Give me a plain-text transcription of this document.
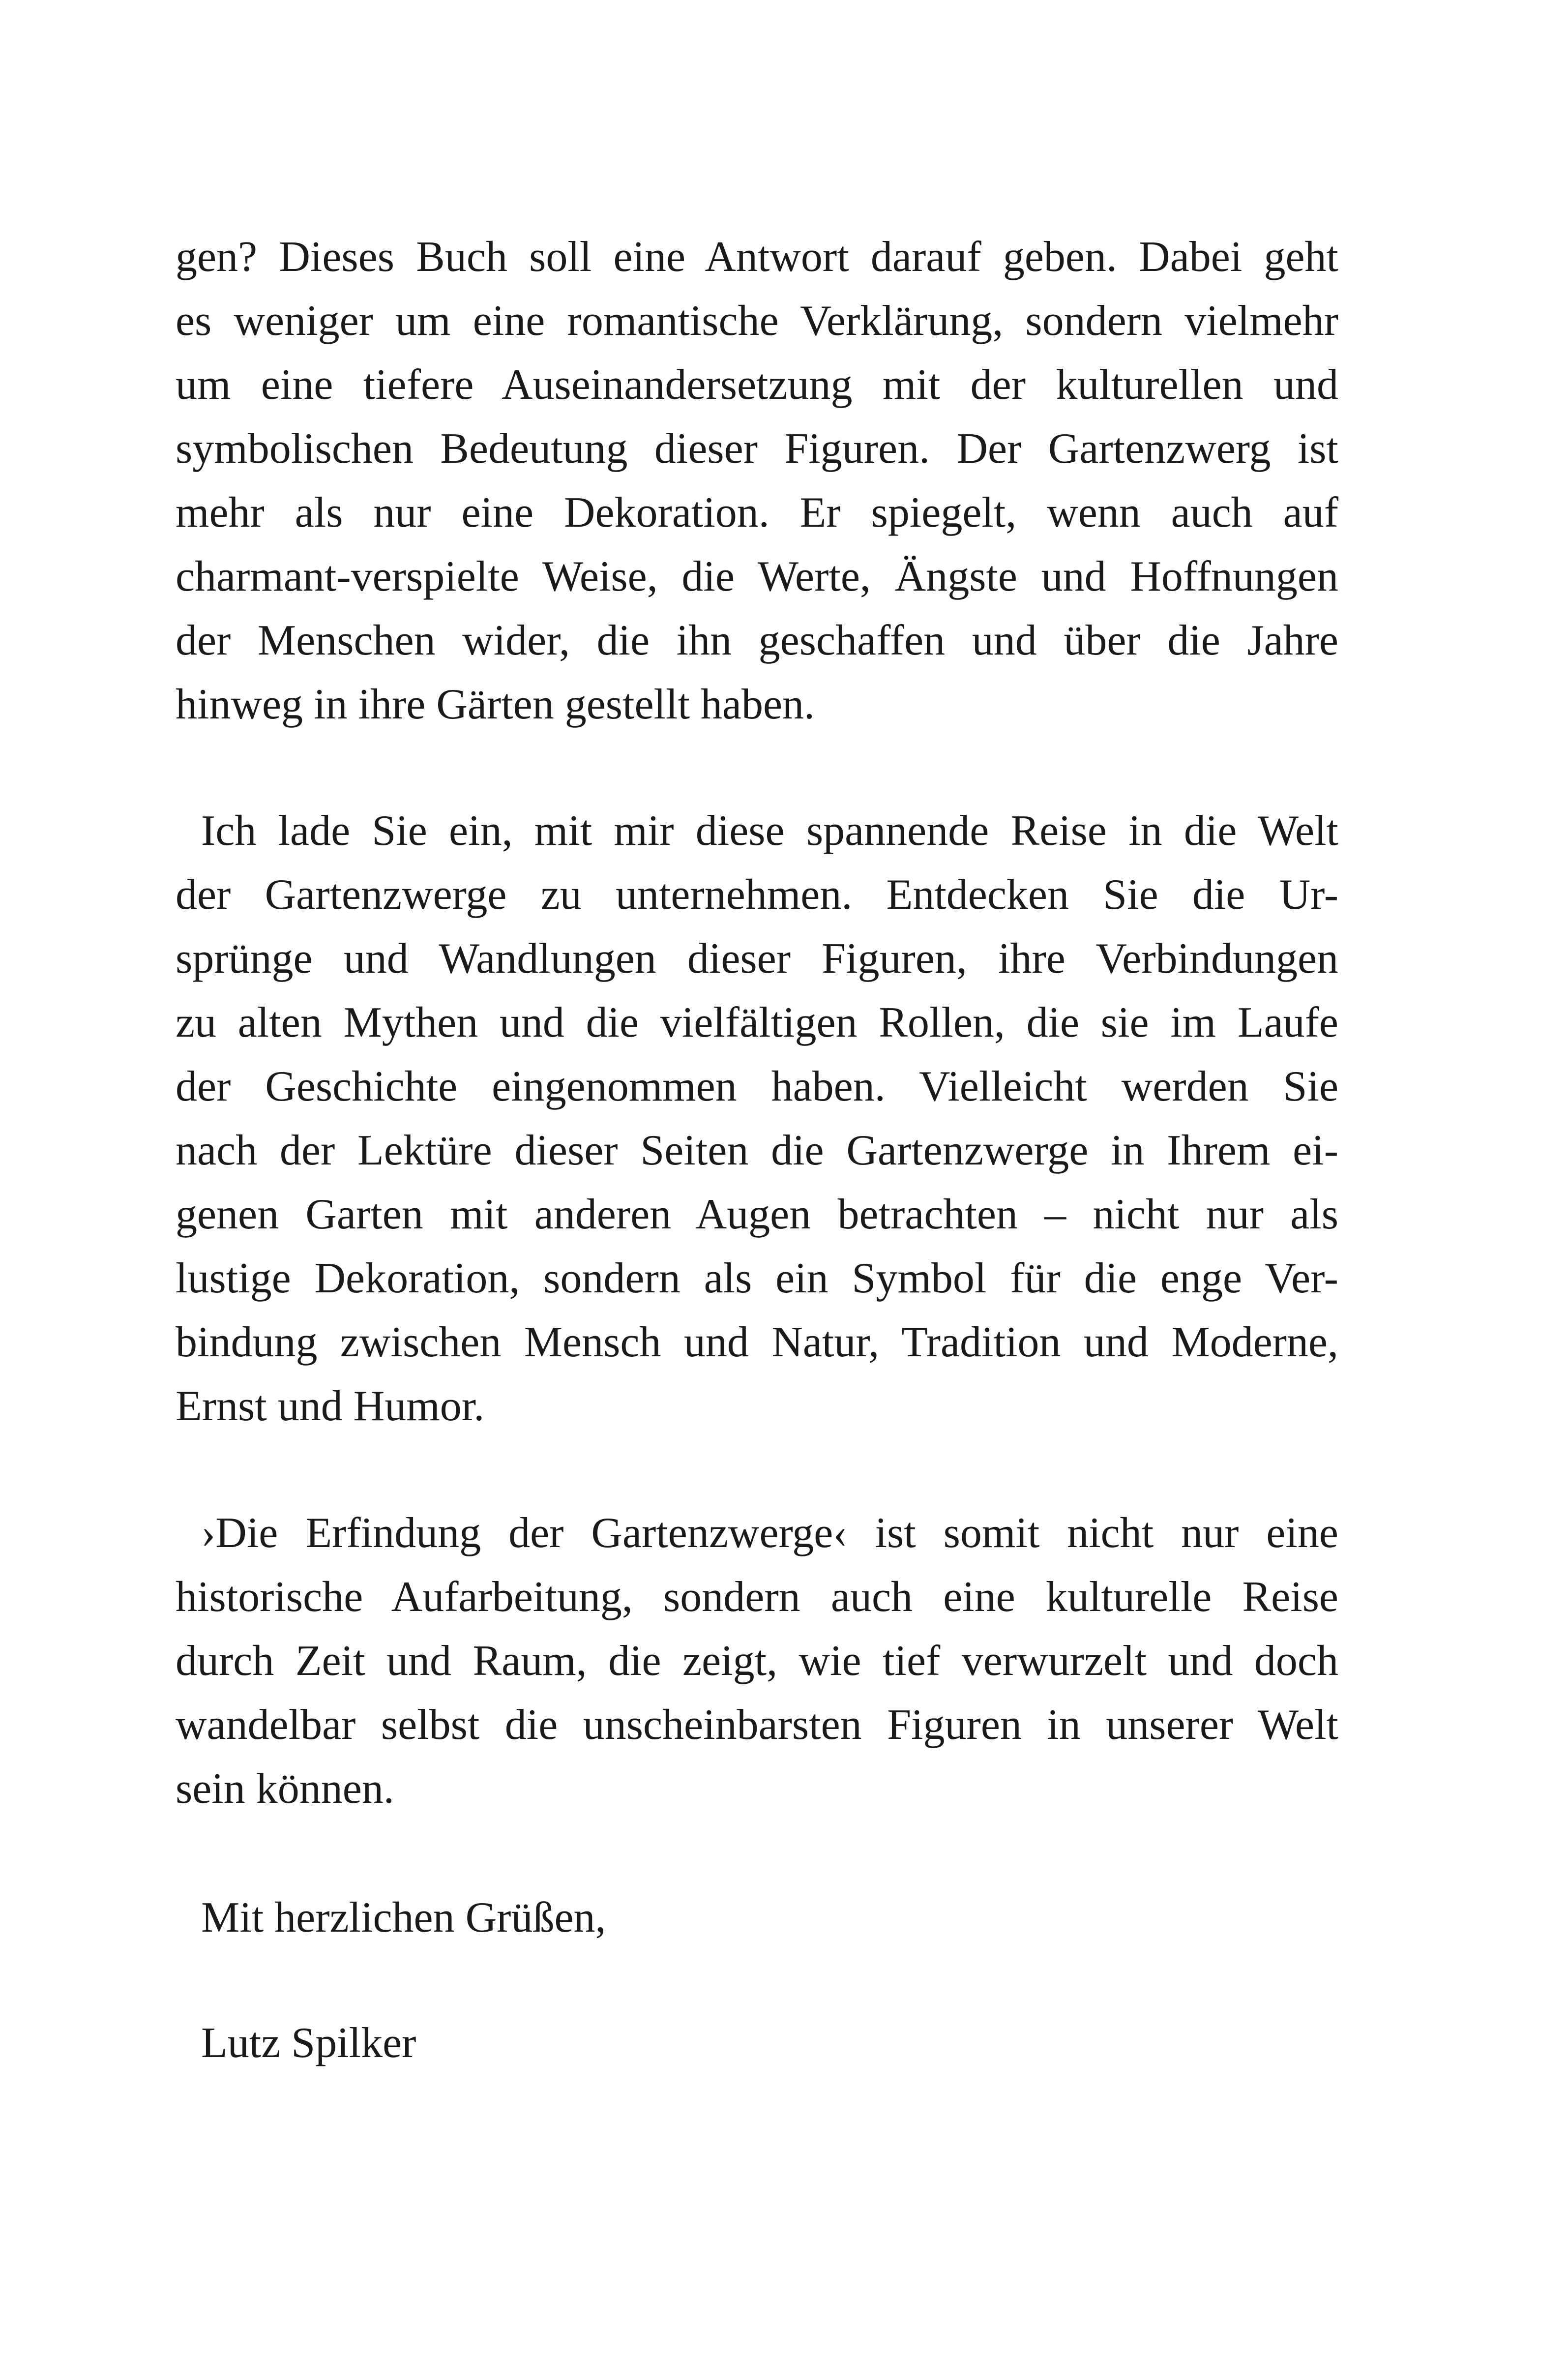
gen? Dieses Buch soll eine Antwort darauf geben. Dabei geht
es weniger um eine romantische Verklärung, sondern vielmehr
um eine tiefere Auseinandersetzung mit der kulturellen und
symbolischen Bedeutung dieser Figuren. Der Gartenzwerg ist
mehr als nur eine Dekoration. Er spiegelt, wenn auch auf
charmant-verspielte Weise, die Werte, Ängste und Hoffnungen
der Menschen wider, die ihn geschaffen und über die Jahre
hinweg in ihre Gärten gestellt haben.
Ich lade Sie ein, mit mir diese spannende Reise in die Welt
der Gartenzwerge zu unternehmen. Entdecken Sie die Ur-
sprünge und Wandlungen dieser Figuren, ihre Verbindungen
zu alten Mythen und die vielfältigen Rollen, die sie im Laufe
der Geschichte eingenommen haben. Vielleicht werden Sie
nach der Lektüre dieser Seiten die Gartenzwerge in Ihrem ei-
genen Garten mit anderen Augen betrachten – nicht nur als
lustige Dekoration, sondern als ein Symbol für die enge Ver-
bindung zwischen Mensch und Natur, Tradition und Moderne,
Ernst und Humor.
›Die Erfindung der Gartenzwerge‹ ist somit nicht nur eine
historische Aufarbeitung, sondern auch eine kulturelle Reise
durch Zeit und Raum, die zeigt, wie tief verwurzelt und doch
wandelbar selbst die unscheinbarsten Figuren in unserer Welt
sein können.
Mit herzlichen Grüßen,
Lutz Spilker
